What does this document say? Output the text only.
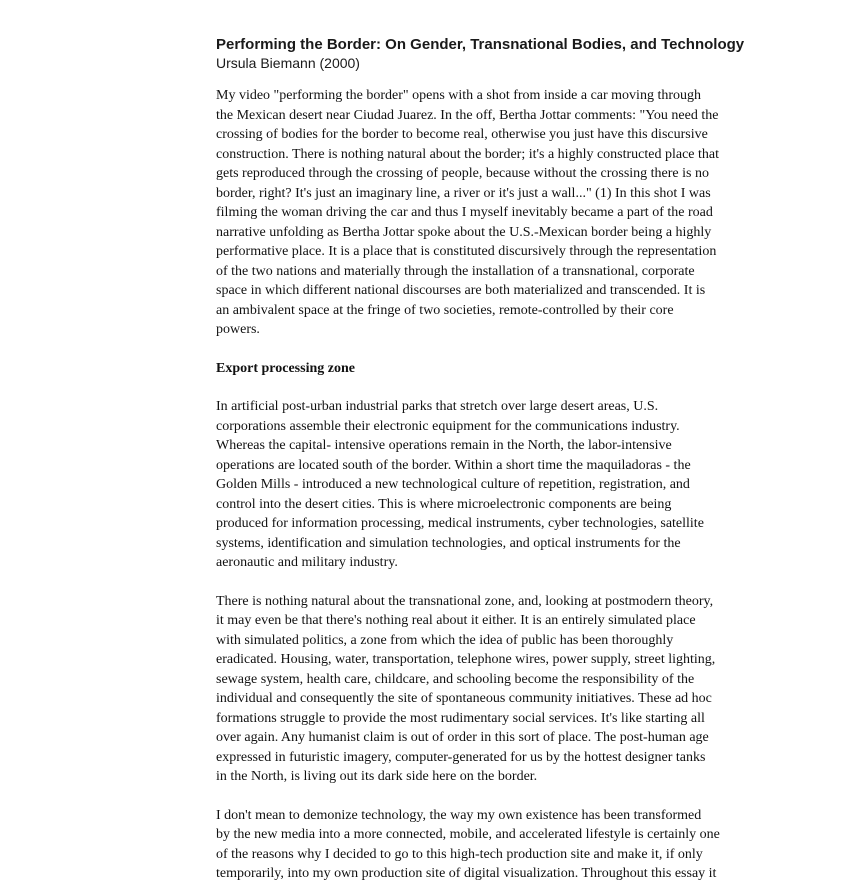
Performing the Border: On Gender, Transnational Bodies, and Technology
Ursula Biemann (2000)
My video "performing the border" opens with a shot from inside a car moving through
the Mexican desert near Ciudad Juarez. In the off, Bertha Jottar comments: "You need the
crossing of bodies for the border to become real, otherwise you just have this discursive
construction. There is nothing natural about the border; it's a highly constructed place that
gets reproduced through the crossing of people, because without the crossing there is no
border, right? It's just an imaginary line, a river or it's just a wall..." (1) In this shot I was
filming the woman driving the car and thus I myself inevitably became a part of the road
narrative unfolding as Bertha Jottar spoke about the U.S.-Mexican border being a highly
performative place. It is a place that is constituted discursively through the representation
of the two nations and materially through the installation of a transnational, corporate
space in which different national discourses are both materialized and transcended. It is
an ambivalent space at the fringe of two societies, remote-controlled by their core
powers.
Export processing zone
In artificial post-urban industrial parks that stretch over large desert areas, U.S.
corporations assemble their electronic equipment for the communications industry.
Whereas the capital- intensive operations remain in the North, the labor-intensive
operations are located south of the border. Within a short time the maquiladoras - the
Golden Mills - introduced a new technological culture of repetition, registration, and
control into the desert cities. This is where microelectronic components are being
produced for information processing, medical instruments, cyber technologies, satellite
systems, identification and simulation technologies, and optical instruments for the
aeronautic and military industry.
There is nothing natural about the transnational zone, and, looking at postmodern theory,
it may even be that there's nothing real about it either. It is an entirely simulated place
with simulated politics, a zone from which the idea of public has been thoroughly
eradicated. Housing, water, transportation, telephone wires, power supply, street lighting,
sewage system, health care, childcare, and schooling become the responsibility of the
individual and consequently the site of spontaneous community initiatives. These ad hoc
formations struggle to provide the most rudimentary social services. It's like starting all
over again. Any humanist claim is out of order in this sort of place. The post-human age
expressed in futuristic imagery, computer-generated for us by the hottest designer tanks
in the North, is living out its dark side here on the border.
I don't mean to demonize technology, the way my own existence has been transformed
by the new media into a more connected, mobile, and accelerated lifestyle is certainly one
of the reasons why I decided to go to this high-tech production site and make it, if only
temporarily, into my own production site of digital visualization. Throughout this essay it
